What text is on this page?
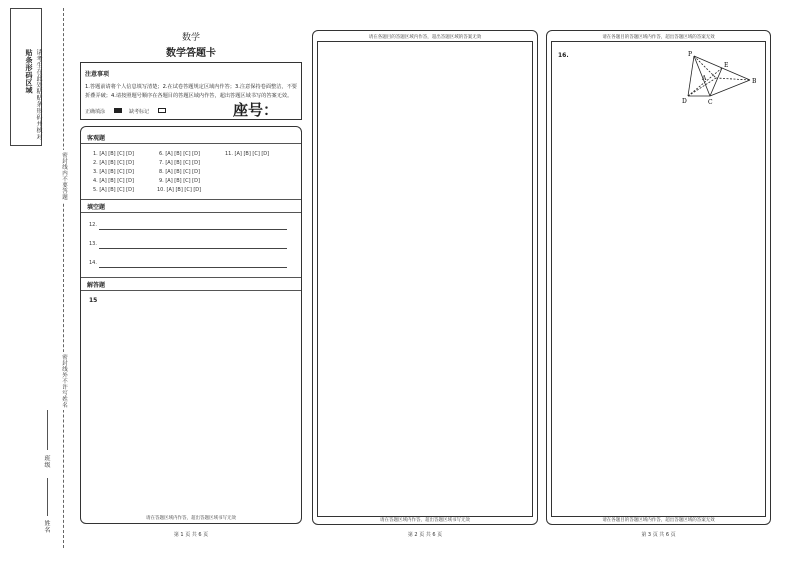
贴条形码区域 请考生在此处粘贴条形码并核对
密封线内不要答题
密封线外不许写姓名
班级
姓名
数学
数学答题卡
注意事项
1.答题前请将个人信息填写清楚；2.在试卷答题规定区域内作答；3.注意保持卷面整洁，不要折叠弄破；4.请按照题号顺序在各题目的答题区域内作答，超出答题区域书写的答案无效。
正确填涂	缺考标记	座号：
客观题
1. [A] [B] [C] [D]
2. [A] [B] [C] [D]
3. [A] [B] [C] [D]
4. [A] [B] [C] [D]
5. [A] [B] [C] [D]
6. [A] [B] [C] [D]
7. [A] [B] [C] [D]
8. [A] [B] [C] [D]
9. [A] [B] [C] [D]
10. [A] [B] [C] [D]
11. [A] [B] [C] [D]
填空题
12.
13.
14.
解答题
15
请在答题区域内作答，超出答题区域书写无效
第 1 页 共 6 页
请在各题目的答题区域内作答，超出答题区域的答案无效
请在答题区域内作答，超出答题区域书写无效
第 2 页 共 6 页
请在各题目的答题区域内作答，超出答题区域的答案无效
16.	P
A	B
C
D
E
请在各题目的答题区域内作答，超出答题区域的答案无效
第 3 页 共 6 页
